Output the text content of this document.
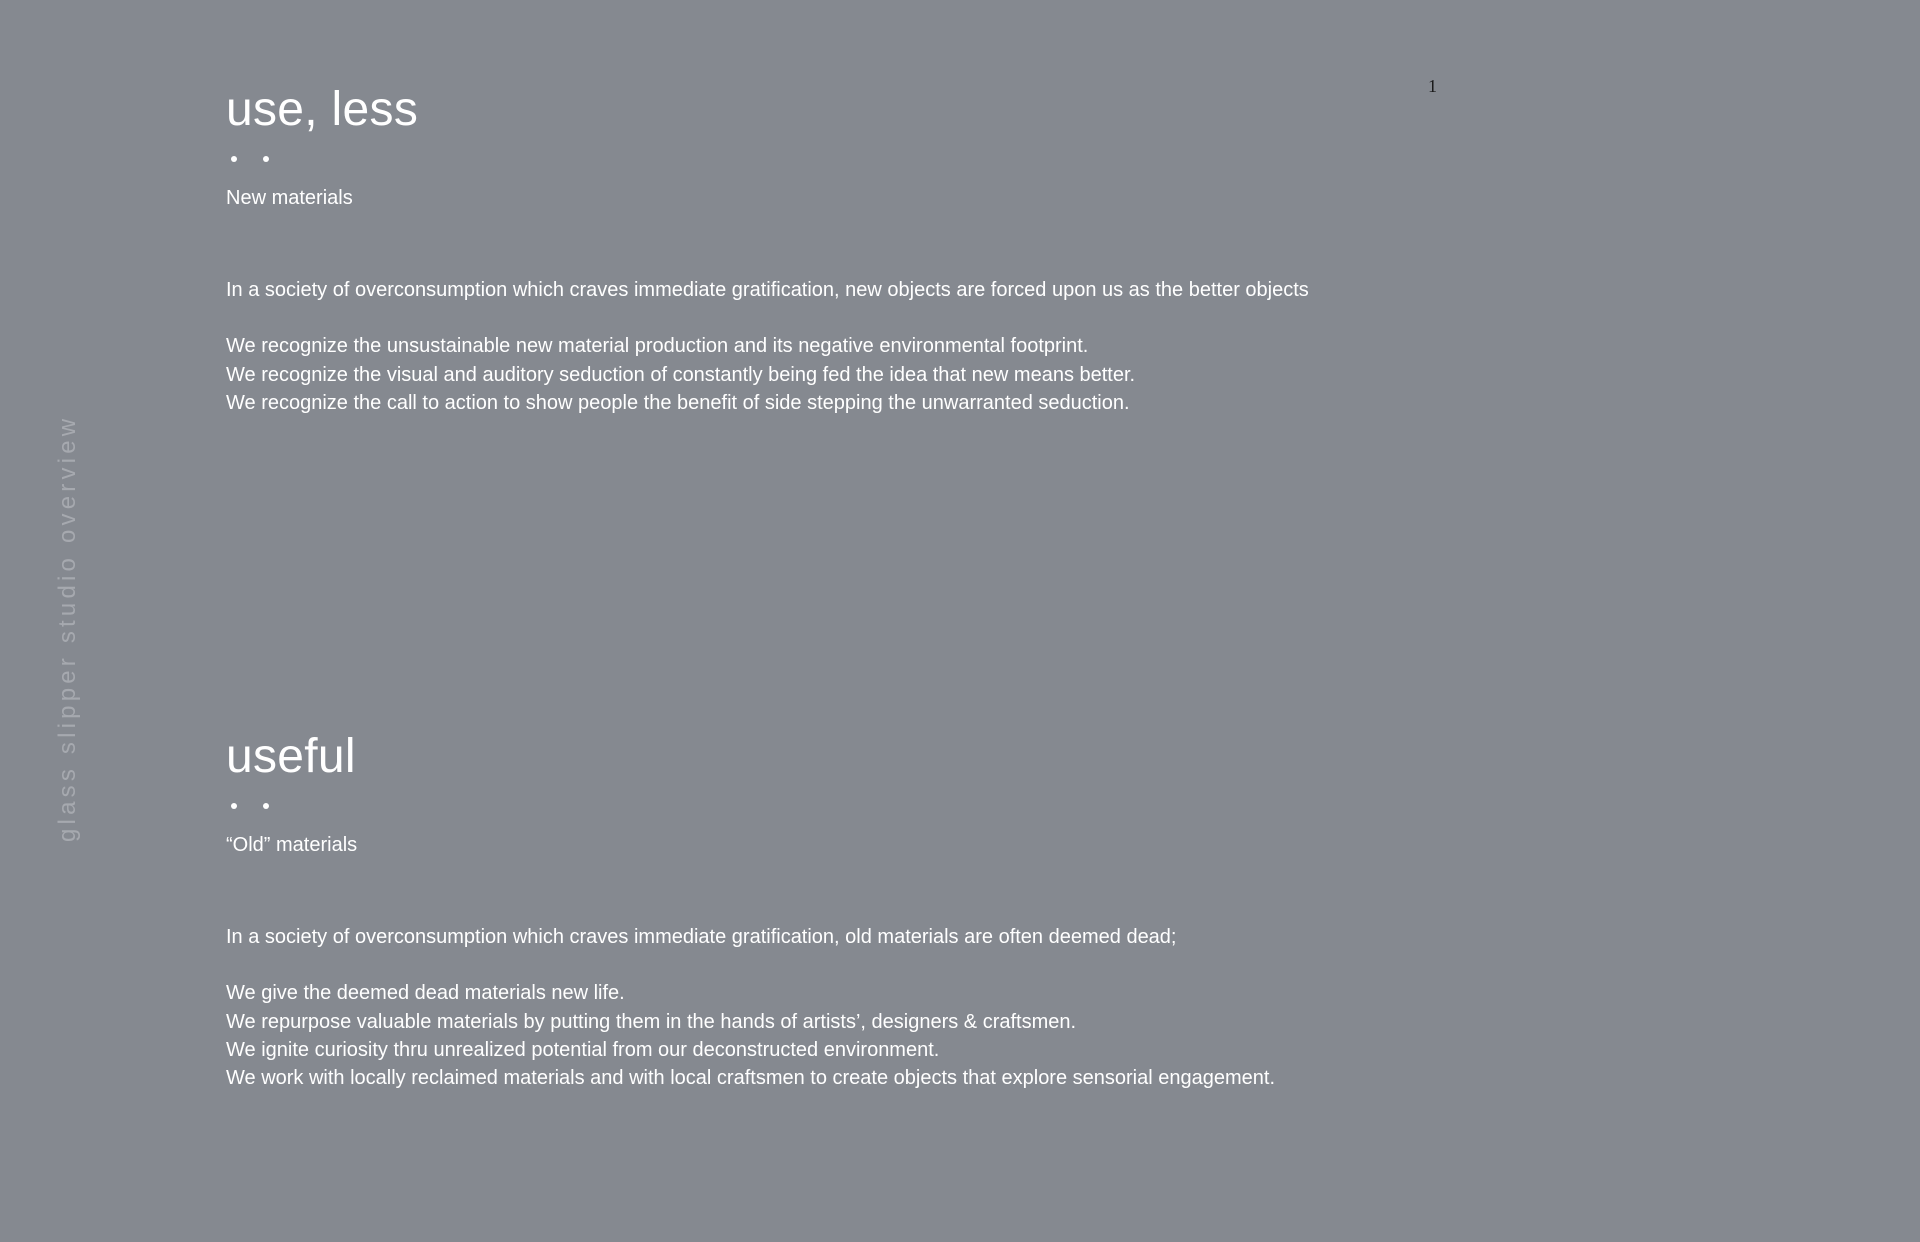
glass slipper studio overview
1
use, less

New materials

In a society of overconsumption which craves immediate gratification, new objects are forced upon us as the better objects

We recognize the unsustainable new material production and its negative environmental footprint.
We recognize the visual and auditory seduction of constantly being fed the idea that new means better.
We recognize the call to action to show people the benefit of side stepping the unwarranted seduction.

useful

“Old” materials

In a society of overconsumption which craves immediate gratification, old materials are often deemed dead;

We give the deemed dead materials new life.
We repurpose valuable materials by putting them in the hands of artists’, designers & craftsmen.
We ignite curiosity thru unrealized potential from our deconstructed environment.
We work with locally reclaimed materials and with local craftsmen to create objects that explore sensorial engagement.
